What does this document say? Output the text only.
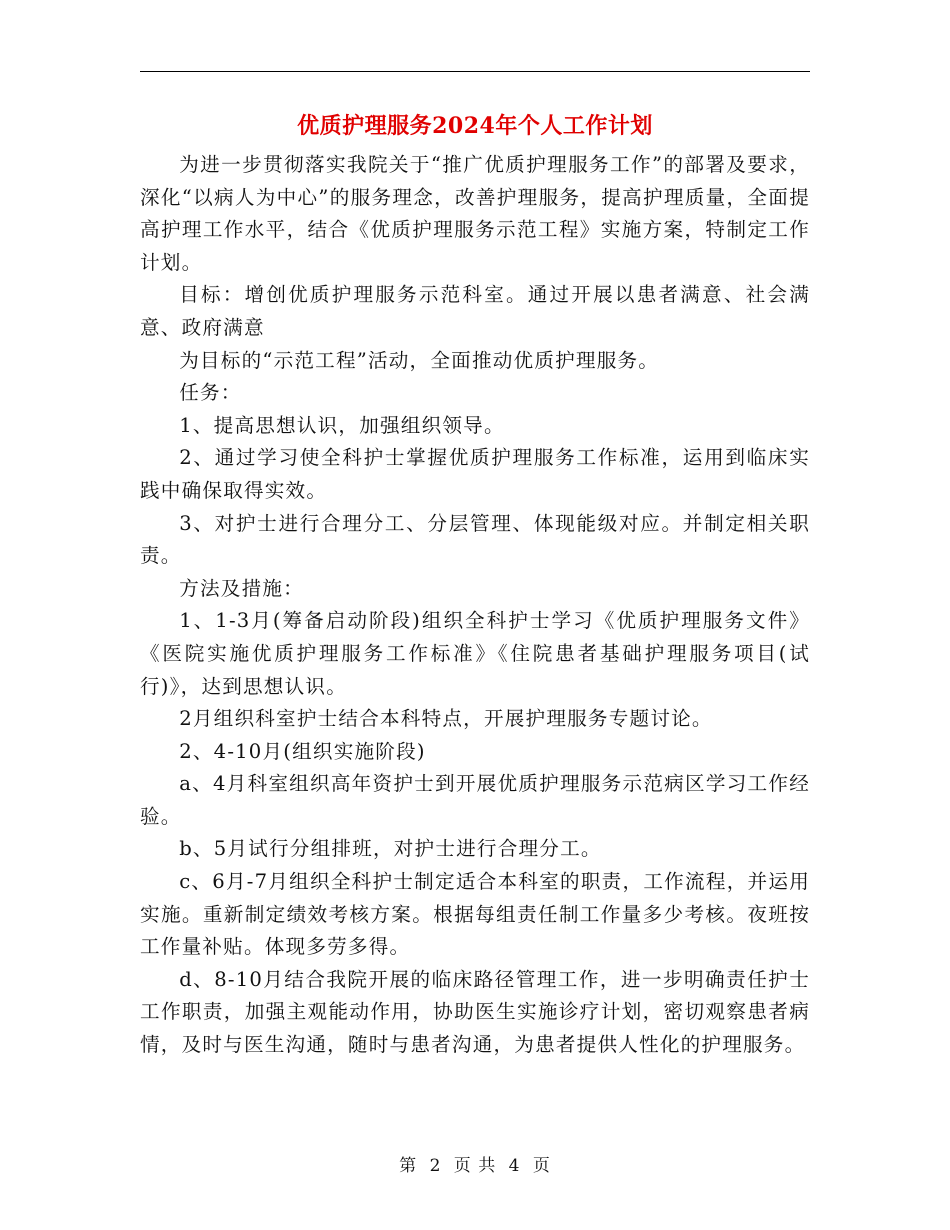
优质护理服务2024年个人工作计划

为进一步贯彻落实我院关于“推广优质护理服务工作”的部署及要求，深化“以病人为中心”的服务理念，改善护理服务，提高护理质量，全面提高护理工作水平，结合《优质护理服务示范工程》实施方案，特制定工作计划。

目标：增创优质护理服务示范科室。通过开展以患者满意、社会满意、政府满意

为目标的“示范工程”活动，全面推动优质护理服务。

任务：

1、提高思想认识，加强组织领导。

2、通过学习使全科护士掌握优质护理服务工作标准，运用到临床实践中确保取得实效。

3、对护士进行合理分工、分层管理、体现能级对应。并制定相关职责。

方法及措施：

1、1-3月(筹备启动阶段)组织全科护士学习《优质护理服务文件》《医院实施优质护理服务工作标准》《住院患者基础护理服务项目(试行)》，达到思想认识。

2月组织科室护士结合本科特点，开展护理服务专题讨论。

2、4-10月(组织实施阶段)

a、4月科室组织高年资护士到开展优质护理服务示范病区学习工作经验。

b、5月试行分组排班，对护士进行合理分工。

c、6月-7月组织全科护士制定适合本科室的职责，工作流程，并运用实施。重新制定绩效考核方案。根据每组责任制工作量多少考核。夜班按工作量补贴。体现多劳多得。

d、8-10月结合我院开展的临床路径管理工作，进一步明确责任护士工作职责，加强主观能动作用，协助医生实施诊疗计划，密切观察患者病情，及时与医生沟通，随时与患者沟通，为患者提供人性化的护理服务。

第 2 页 共 4 页
